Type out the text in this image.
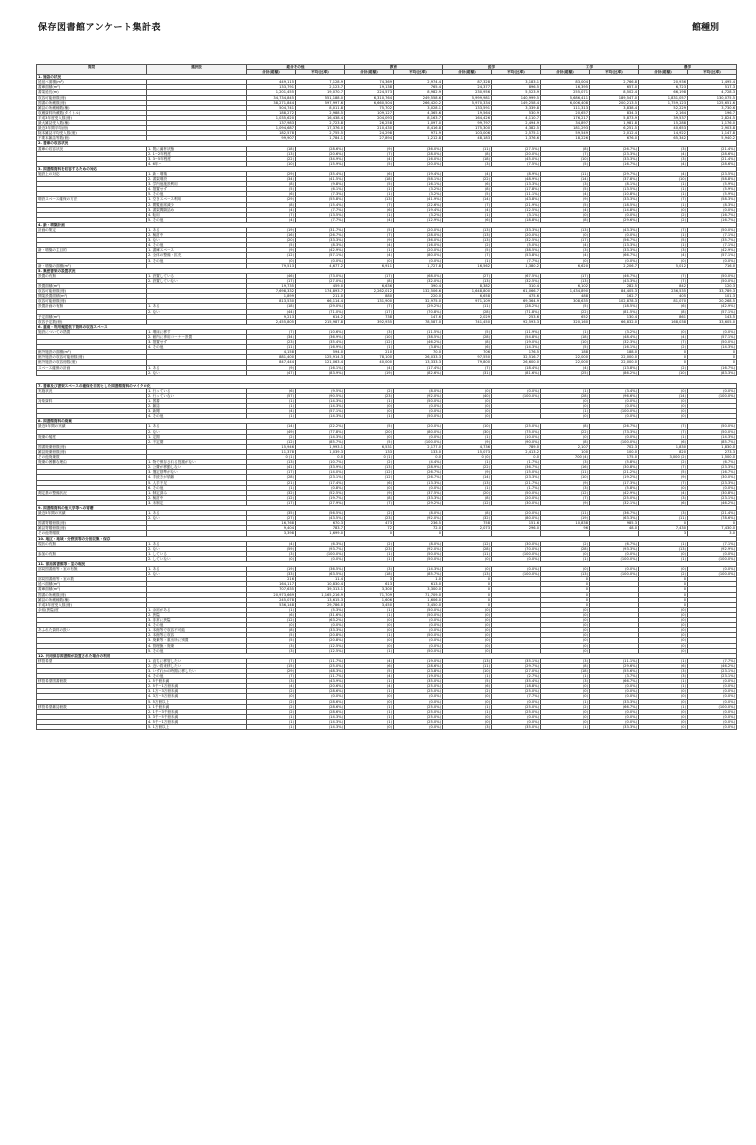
保存図書館アンケート集計表	館種別
質問	選択肢	総合その他		教育		医学		工学		農学	
		合計(総額)	平均(比率)	合計(総額)	平均(比率)	合計(総額)	平均(比率)	合計(総額)	平均(比率)	合計(総額)	平均(比率)
1. 施設の状況											
延延べ面積(m²)		449,115	7,128.9	74,369	2,974.4	87,328	3,183.1	83,004	2,766.8	20,936	1,495.4
書庫面積(m²)		133,791	2,123.7	19,138	765.4	24,377	896.5	16,395	657.0	6,723	517.3
書架延長(m)		1,201,455	19,070.7	224,573	8,982.9	230,956	5,523.9	255,071	8,502.4	66,198	4,728.3
収容可能冊数(冊)		34,734,845	551,188.0	6,310,764	249,558.6	5,999,981	140,999.5	5,686,411	189,547.0	1,831,057	130,075.5
図書の所蔵数(冊)		38,271,844	597,997.6	6,660,504	266,420.2	5,970,334	149,258.4	6,006,408	200,213.5	1,759,123	125,651.6
雑誌の所蔵種数(種)		504,741	8,011.8	75,702	3,028.1	133,591	3,339.8	111,313	3,838.4	52,229	3,730.6
収蔵資料所蔵数(タイトル)		188,272	2,988.5	109,127	4,365.6	19,564	530.9	20,657	834.3	2,164	196.7
平成3年度受入数(冊)		1,035,620	16,438.4	204,093	8,163.7	164,426	4,110.7	176,217	5,873.9	39,537	2,824.5
最大雑誌受入数(種)		137,983	2,723.8	26,258	1,097.0	99,797	2,494.9	34,897	1,981.8	15,288	1,176.0
最近3年間平均(冊)		1,094,687	17,376.0	210,430	8,416.8	175,300	4,382.5	181,293	6,251.5	40,653	2,903.8
除本雑誌平均受入数(冊)		182,578	2,755.5	24,298	971.9	103,006	2,575.1	59,549	2,012.4	14,922	1,147.8
不要本雑誌等数(冊)		99,907	1,784.1	27,894	1,212.8	48,183	1,376.6	18,226	676.0	65,342	5,940.2
2. 書庫の収容状況											
書庫の収容状況	1. 既に満杯状態	(18)	(28.6%)	(9)	(36.0%)	(11)	(27.5%)	(8)	(26.7%)	(3)	(21.4%)
	2. 1~2年程度	(13)	(20.6%)	(7)	(28.0%)	(8)	(20.0%)	(7)	(23.3%)	(4)	(28.6%)
	3. 3~5年程度	(22)	(34.9%)	(4)	(16.0%)	(18)	(45.0%)	(10)	(33.3%)	(3)	(21.4%)
	4. 6年~	(10)	(15.9%)	(5)	(20.0%)	(3)	(7.5%)	(5)	(16.7%)	(4)	(28.6%)
3. 図書館資料を収容するための対応											
施設上の対応	1. 新・増築	(29)	(35.4%)	(6)	(19.4%)	(4)	(8.9%)	(11)	(29.7%)	(4)	(23.5%)
	2. 書架増設	(34)	(41.5%)	(18)	(58.1%)	(22)	(48.9%)	(14)	(37.8%)	(10)	(58.8%)
	3. 学内他施設利用	(8)	(9.8%)	(5)	(16.1%)	(6)	(13.3%)	(3)	(8.1%)	(1)	(5.9%)
	4. 措置せず	(5)	(6.1%)	(1)	(3.2%)	(8)	(17.8%)	(5)	(13.5%)	(1)	(5.9%)
	5. その他	(6)	(7.3%)	(1)	(3.2%)	(5)	(11.1%)	(4)	(10.8%)	(1)	(5.9%)
増設スペース確保の方法	1. 空きスペース利用	(29)	(55.8%)	(13)	(41.9%)	(14)	(43.8%)	(9)	(33.3%)	(7)	(58.3%)
	2. 閲覧座席減少	(8)	(15.4%)	(7)	(22.6%)	(7)	(21.9%)	(5)	(18.5%)	(1)	(8.3%)
	3. 書架間隔詰め	(4)	(7.7%)	(6)	(19.4%)	(4)	(12.5%)	(4)	(14.8%)	(0)	(0.0%)
	4. 転用	(7)	(13.5%)	(1)	(3.2%)	(1)	(3.1%)	(0)	(0.0%)	(2)	(16.7%)
	5. その他	(4)	(7.7%)	(4)	(12.9%)	(6)	(18.8%)	(8)	(29.6%)	(2)	(16.7%)
4. 新・増築計画											
計画の策定	1. ある	(19)	(31.7%)	(5)	(20.0%)	(13)	(33.3%)	(13)	(43.3%)	(7)	(50.0%)
	2. 検討中	(16)	(26.7%)	(7)	(28.0%)	(13)	(20.0%)	(0)	(0.0%)	(1)	(7.1%)
	3. ない	(20)	(33.3%)	(9)	(36.0%)	(13)	(32.5%)	(17)	(56.7%)	(5)	(35.7%)
	4. その他	(5)	(8.3%)	(4)	(16.0%)	(2)	(5.0%)	(4)	(13.3%)	(1)	(7.1%)
新・増築の主目的	1. 書庫スペース	(9)	(42.9%)	(1)	(20.0%)	(5)	(38.5%)	(3)	(33.3%)	(3)	(42.9%)
	2. 全体の整備・拡充	(12)	(57.1%)	(4)	(80.0%)	(7)	(53.8%)	(4)	(66.7%)	(4)	(57.1%)
	3. その他	(0)	(0.0%)	(0)	(0.0%)	(1)	(7.7%)	(0)	(0.0%)	(0)	(0.0%)
新・増築の面積(m²)		79,513	4,677.2	6,911	1,727.8	16,562	1,380.2	6,620	2,206.7	5,012	716.0
5. 集密書架の設置状況											
設置の有無	1. 設置している	(46)	(73.0%)	(17)	(68.0%)	(27)	(67.5%)	(17)	(46.7%)	(7)	(50.0%)
	2. 設置していない	(17)	(27.0%)	(8)	(32.0%)	(13)	(32.5%)	(13)	(43.3%)	(7)	(50.0%)
設置面積(m²)		19,735	459.0	6,636	390.4	8,382	310.4	6,102	282.5	842	120.3
収容可能冊数(冊)		7,698,332	174,893.7	2,262,012	132,506.6	1,648,800	61,066.7	1,434,890	84,405.3	236,535	33,789.3
開架設置面積(m²)		1,899	211.0	880	220.0	6,658	475.6	488	162.7	405	101.3
収容可能冊数(冊)		813,530	66,114.4	131,900	32,975.0	971,109	69,364.9	308,635	102,878.3	81,070	20,268.5
設置計画の有無	1. ある	(18)	(29.0%)	(7)	(29.2%)	(11)	(28.2%)	(5)	(18.5%)	(6)	(42.9%)
	2. ない	(44)	(71.0%)	(17)	(70.8%)	(28)	(71.8%)	(22)	(81.5%)	(8)	(57.1%)
予定面積(m²)		9,213	614.2	738	147.6	2,029	253.6	652	130.4	861	143.5
収容予定数(冊)		2,455,805	215,987.8	392,935	78,587.0	741,450	92,593.3	320,160	66,832.0	168,038	33,605.0
6. 重複・利用頻度低下資料の収容スペース											
施設についての措置	1. 増床に移す	(7)	(10.6%)	(3)	(11.5%)	(5)	(11.9%)	(1)	(3.2%)	(0)	(0.0%)
	2. 館内に専用コーナー設置	(34)	(36.9%)	(10)	(38.5%)	(28)	(54.8%)	(18)	(48.4%)	(4)	(57.1%)
	3. 措置せず	(23)	(35.4%)	(12)	(46.2%)	(8)	(19.0%)	(10)	(32.3%)	(7)	(50.0%)
	4. その他	(11)	(16.9%)	(1)	(3.8%)	(6)	(14.3%)	(5)	(16.1%)	(2)	(14.3%)
館外施設の面積(m²)		4,158	594.0	210	70.0	706	176.5	188	188.0	0	0
館外施設の収容可能冊数(冊)		881,400	125,914.3	78,100	26,033.3	97,550	32,516.7	22,000	22,000.0	0	0
館外施設の収容冊数(冊)		847,444	121,063.4	40,000	13,333.3	79,800	26,600.0	22,000	22,000.0	0	0
スペース確保の計画	1. ある	(9)	(16.1%)	(4)	(17.4%)	(7)	(18.4%)	(4)	(13.8%)	(2)	(16.7%)
	2. ない	(47)	(83.9%)	(19)	(82.6%)	(31)	(81.6%)	(25)	(86.2%)	(10)	(83.3%)

7. 書庫及び書架スペースの確保を目的とした図書館資料のマイクロ化											
実施状況	1. 行っている	(6)	(9.5%)	(2)	(8.0%)	(0)	(0.0%)	(1)	(3.4%)	(0)	(0.0%)
	2. 行っていない	(57)	(90.5%)	(23)	(92.0%)	(40)	(100.0%)	(28)	(96.6%)	(14)	(100.0%)
対象資料	1. 図書	(1)	(14.3%)	(1)	(50.0%)	(0)		(0)	(0.0%)	(0)	
	2. 雑誌	(1)	(14.3%)	(0)	(0.0%)	(0)		(0)	(0.0%)	(0)	
	3. 新聞	(4)	(57.1%)	(0)	(0.0%)	(0)		(1)	(100.0%)	(0)	
	4. その他	(1)	(14.3%)	(1)	(50.0%)	(0)		(0)	(0.0%)	(0)	
8. 図書館資料の廃棄											
最近5年間の実績	1. ある	(14)	(22.2%)	(5)	(20.0%)	(10)	(25.0%)	(8)	(26.7%)	(7)	(50.0%)
	2. ない	(49)	(77.8%)	(20)	(80.0%)	(30)	(75.0%)	(22)	(73.3%)	(7)	(50.0%)
廃棄の頻度	1. 定期	(2)	(14.3%)	(0)	(0.0%)	(1)	(10.0%)	(0)	(0.0%)	(1)	(14.3%)
	2. 不定期	(12)	(85.7%)	(5)	(100.0%)	(9)	(90.0%)	(8)	(100.0%)	(6)	(85.7%)
図書廃棄冊数(冊)		15,946	1,993.1	6,531	2,177.0	4,736	789.0	2,107	702.3	1,830	1,830.0
雑誌廃棄冊数(冊)		11,378	1,039.3	133	133.0	15,073	2,413.2	100	100.0	820	273.3
その他廃棄数		0 (1)	0.0	0 (1)	0.0	0 (0)	0.0	700 (4)	175.0	3,000 (2)	1,500.0
廃棄の困難な理由	1. 物で保存される役割がない	(13)	(10.7%)	(2)	(4.4%)	(1)	(1.7%)	(3)	(5.8%)	(2)	(6.7%)
	2. 公費が移動しない	(41)	(33.9%)	(13)	(28.9%)	(22)	(36.7%)	(16)	(30.8%)	(7)	(23.3%)
	3. 選定基準がない	(17)	(14.0%)	(12)	(26.7%)	(9)	(15.0%)	(11)	(21.2%)	(5)	(16.7%)
	4. 手続きが煩雑	(28)	(23.1%)	(12)	(26.7%)	(14)	(23.3%)	(10)	(19.2%)	(9)	(30.0%)
	5. 人手不足	(21)	(17.4%)	(6)	(13.3%)	(13)	(21.7%)	(9)	(17.3%)	(7)	(23.3%)
	6. その他	(1)	(0.8%)	(0)	(0.0%)	(1)	(1.7%)	(3)	(5.8%)	(0)	(0.0%)
測定基の整備状況	1. 制定済み	(32)	(52.5%)	(9)	(37.5%)	(20)	(50.0%)	(12)	(42.9%)	(4)	(30.8%)
	2. 検討中	(12)	(19.7%)	(8)	(33.3%)	(8)	(20.0%)	(7)	(25.0%)	(3)	(23.1%)
	3. 未制定	(17)	(27.9%)	(7)	(29.2%)	(12)	(30.0%)	(9)	(32.1%)	(6)	(46.2%)
9. 図書館資料の他大学等への寄贈											
最近5年間の実績	1. ある	(35)	(56.5%)	(2)	(8.0%)	(8)	(20.0%)	(11)	(36.7%)	(3)	(21.4%)
	2. ない	(27)	(43.5%)	(23)	(92.0%)	(32)	(80.0%)	(19)	(63.3%)	(11)	(78.6%)
図書寄贈冊数(冊)		16,768	670.3	473	236.5	758	151.6	10,838	985.3	0	0
雑誌寄贈冊数(冊)		9,404	783.7	72	72.0	2,073	296.0	96	48.0	7,430	7,430.0
その他寄贈数		3,398	1,699.0	0	0					3	3.0
10. 地区・地域・分野別等の分担収集・保存											
現状の有無	1. ある	(4)	(6.3%)	(2)	(8.0%)	(12)	(30.0%)	(2)	(6.7%)	(1)	(7.1%)
	2. ない	(59)	(93.7%)	(23)	(92.0%)	(28)	(70.0%)	(28)	(93.3%)	(13)	(92.9%)
参加の有無	1. している	(3)	(100.0%)	(1)	(50.0%)	(11)	(100.0%)	(0)	(0.0%)	(0)	(0.0%)
	2. していない	(0)	(0.0%)	(1)	(50.0%)	(0)	(0.0%)	(1)	(100.0%)	(1)	(100.0%)
11. 部局図書館等・室の現況											
部局図書館等・室の有無	1. ある	(19)	(36.5%)	(3)	(14.3%)	(0)	(0.0%)	(0)	(0.0%)	(0)	(0.0%)
	2. ない	(33)	(63.5%)	(18)	(85.7%)	(13)	(100.0%)	(13)	(100.0%)	(2)	(100.0%)
部局図書館等・室の数		216	11.4	3	1.0	0		0		0	
延べ面積(m²)		164,117	10,830.4	613	613.0	0		0		0	
書庫面積(m²)		707,635	39,313.1	3,300	3,300.0	0		0		0	
図書の所蔵数(冊)		20,973,669	1,165,216.9	71,709	71,709.0	0		0		0	
雑誌の所蔵種数(種)		245,078	13,615.3	1,606	1,606.0	0		0		0	
平成3年度受入数(冊)		536,148	29,786.0	3,450	3,450.0	0		0		0	
余裕(狭隘)度	1. 余裕がある	(1)	(5.3%)	(1)	(50.0%)	(0)		(0)		(0)	
	2. 狭隘	(6)	(31.6%)	(1)	(50.0%)	(0)		(0)		(0)	
	3. 非常に狭隘	(12)	(63.2%)	(0)	(0.0%)	(0)		(0)		(0)	
	4. その他	(0)	(0.0%)	(0)	(0.0%)	(0)		(0)		(0)	
あふれた資料の扱い	1. 本館等で収容不可能	(8)	(33.3%)	(0)	(0.0%)	(0)		(0)		(0)	
	2. 本館等に収容	(5)	(20.8%)	(1)	(50.0%)	(0)		(0)		(0)	
	3. 廃棄等・重出所に別置	(5)	(20.8%)	(0)	(0.0%)	(0)		(0)		(0)	
	4. 管理換・廃棄	(3)	(12.5%)	(0)	(0.0%)	(0)		(0)		(0)	
	5. その他	(3)	(12.5%)	(1)	(50.0%)	(0)		(0)		(0)	
12. 共同保存図書館が設置された場合の利用											
移管希望	1. 直ちに移管したい	(7)	(11.7%)	(4)	(19.0%)	(13)	(35.1%)	(3)	(11.1%)	(1)	(7.7%)
	2. 近い将来移したい	(15)	(25.0%)	(6)	(28.6%)	(11)	(29.7%)	(8)	(29.6%)	(6)	(46.2%)
	3. いずれかの時期に移したい	(29)	(48.3%)	(5)	(23.8%)	(10)	(27.0%)	(18)	(55.6%)	(3)	(23.1%)
	4. その他	(7)	(11.7%)	(4)	(19.0%)	(1)	(2.7%)	(1)	(3.7%)	(3)	(23.1%)
移管希望図書冊数	1. 5千冊未満	(3)	(43.9%)	(1)	(35.0%)	(5)	(35.4%)	(3)	(66.7%)	(1)	(0.0%)
	2. 5千~1万冊未満	(4)	(20.6%)	(4)	(25.0%)	(6)	(18.8%)	(0)	(0.0%)	(1)	(0.0%)
	3. 1万~3万冊未満	(2)	(28.6%)	(1)	(25.0%)	(2)	(25.0%)	(0)	(0.0%)	(0)	(0.0%)
	4. 3万~5万冊未満	(0)	(0.0%)	(0)	(0.0%)	(0)	(7.7%)	(0)	(0.0%)	(0)	(0.0%)
	5. 5万冊以上	(2)	(28.6%)	(0)	(0.0%)	(0)	(0.0%)	(1)	(33.3%)	(0)	(0.0%)
移管希望雑誌冊数	1. 1千冊未満	(2)	(28.6%)	(1)	(25.0%)	(1)	(25.0%)	(2)	(66.7%)	(1)	(100.0%)
	2. 1千~3千冊未満	(2)	(28.6%)	(1)	(25.0%)	(1)	(25.0%)	(0)	(0.0%)	(0)	(0.0%)
	3. 3千~5千冊未満	(1)	(14.3%)	(1)	(25.0%)	(0)	(0.0%)	(0)	(0.0%)	(0)	(0.0%)
	4. 5千~1万冊未満	(1)	(14.3%)	(1)	(25.0%)	(0)	(0.0%)	(0)	(0.0%)	(0)	(0.0%)
	5. 1万冊以上	(1)	(14.3%)	(0)	(0.0%)	(3)	(35.0%)	(1)	(33.3%)	(0)	(0.0%)
